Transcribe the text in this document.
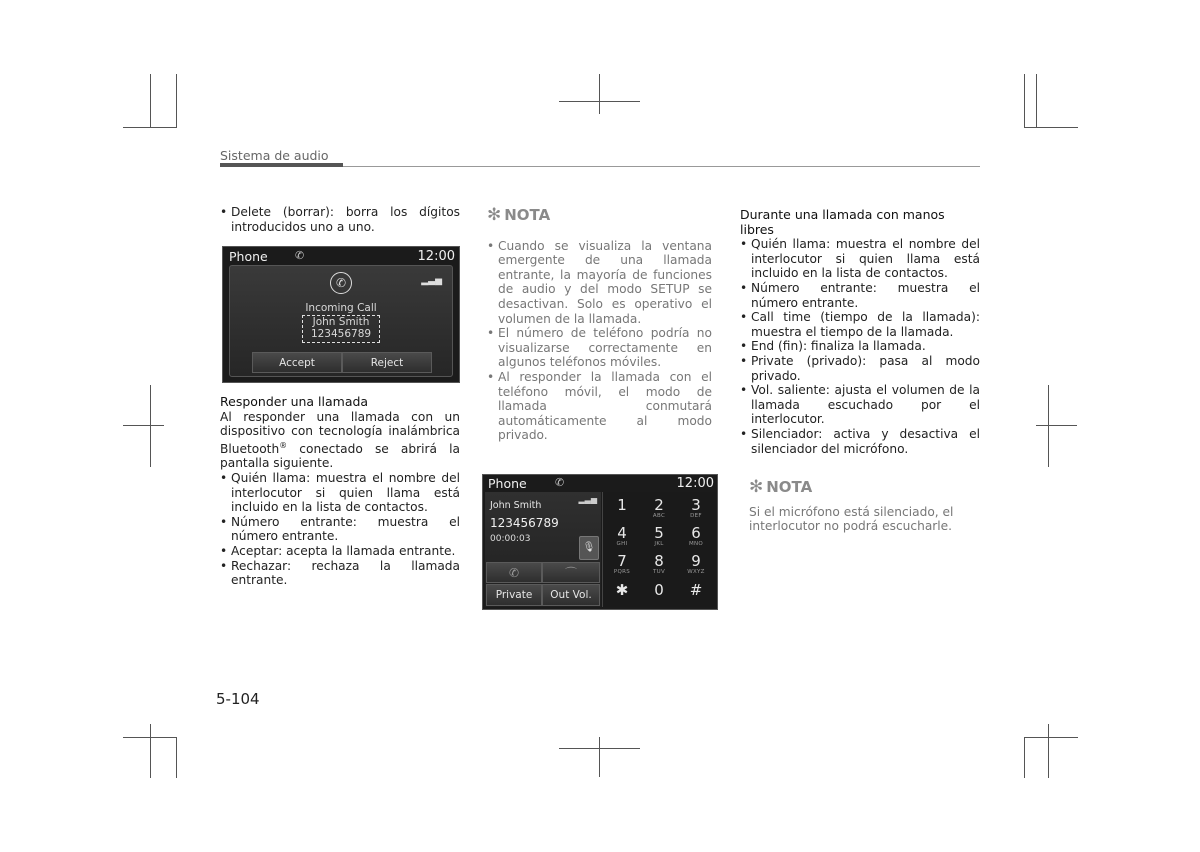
Sistema de audio

• Delete (borrar): borra los dígitos introducidos uno a uno.

Phone ✆	12:00
✆	▂▃▅
Incoming Call
John Smith
123456789
Accept	Reject

Responder una llamada

Al responder una llamada con un dispositivo con tecnología inalámbrica Bluetooth® conectado se abrirá la pantalla siguiente.

• Quién llama: muestra el nombre del interlocutor si quien llama está incluido en la lista de contactos.

• Número entrante: muestra el número entrante.

• Aceptar: acepta la llamada entrante.

• Rechazar: rechaza la llamada entrante.

✻ NOTA

• Cuando se visualiza la ventana emergente de una llamada entrante, la mayoría de funciones de audio y del modo SETUP se desactivan. Solo es operativo el volumen de la llamada.

• El número de teléfono podría no visualizarse correctamente en algunos teléfonos móviles.

• Al responder la llamada con el teléfono móvil, el modo de llamada conmutará automáticamente al modo privado.

Phone	✆	12:00
John Smith
▂▃▅
123456789
00:00:03
🎙
✆	⌒
Private	Out Vol.
1	2
ABC
3
DEF
4
GHI
5
JKL
6
MNO
7
PQRS
8
TUV
9
WXYZ
✱	0	#

Durante una llamada con manos libres

• Quién llama: muestra el nombre del interlocutor si quien llama está incluido en la lista de contactos.

• Número entrante: muestra el número entrante.

• Call time (tiempo de la llamada): muestra el tiempo de la llamada.

• End (fin): finaliza la llamada.

• Private (privado): pasa al modo privado.

• Vol. saliente: ajusta el volumen de la llamada escuchado por el interlocutor.

• Silenciador: activa y desactiva el silenciador del micrófono.

✻ NOTA

Si el micrófono está silenciado, el interlocutor no podrá escucharle.

5-104
